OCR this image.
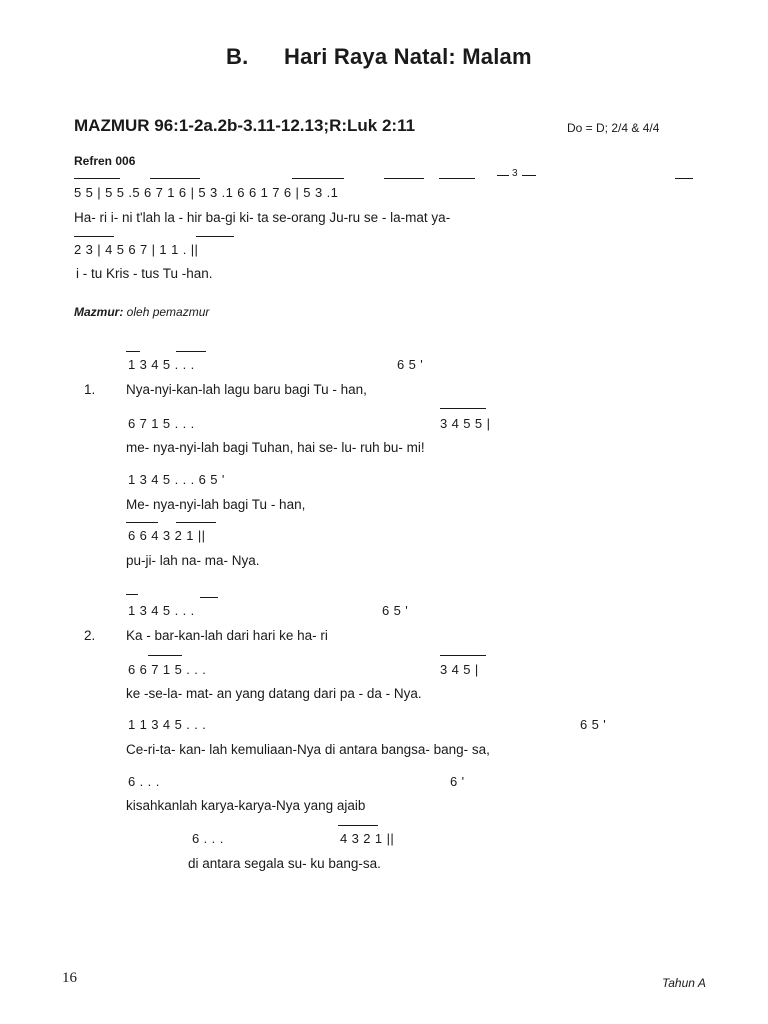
B. Hari Raya Natal: Malam
MAZMUR 96:1-2a.2b-3.11-12.13;R:Luk 2:11	Do = D; 2/4 & 4/4
Refren 006
3
5 5 | 5 5 .5 6 7 1 6 | 5 3 .1 6 6 1 7 6 | 5 3 .1
Ha- ri i- ni t'lah la - hir ba-gi ki- ta se-orang Ju-ru se - la-mat ya-
2 3 | 4 5 6 7 | 1 1 . ||
i - tu Kris - tus Tu -han.
Mazmur: oleh pemazmur
1 3 4 5 . . .	6 5 '
1. Nya-nyi-kan-lah lagu baru bagi Tu - han,
6 7 1 5 . . .	3 4 5 5 |
me- nya-nyi-lah bagi Tuhan, hai se- lu- ruh bu- mi!
1 3 4 5 . . . 6 5 '
Me- nya-nyi-lah bagi Tu - han,
6 6 4 3 2 1 ||
pu-ji- lah na- ma- Nya.
1 3 4 5 . . .	6 5 '
2. Ka - bar-kan-lah dari hari ke ha- ri
6 6 7 1 5 . . .	3 4 5 |
ke -se-la- mat- an yang datang dari pa - da - Nya.
1 1 3 4 5 . . .	6 5 '
Ce-ri-ta- kan- lah kemuliaan-Nya di antara bangsa- bang- sa,
6 . . .	6 '
kisahkanlah karya-karya-Nya yang ajaib
6 . . .	4 3 2 1 ||
di antara segala su- ku bang-sa.
16	Tahun A
